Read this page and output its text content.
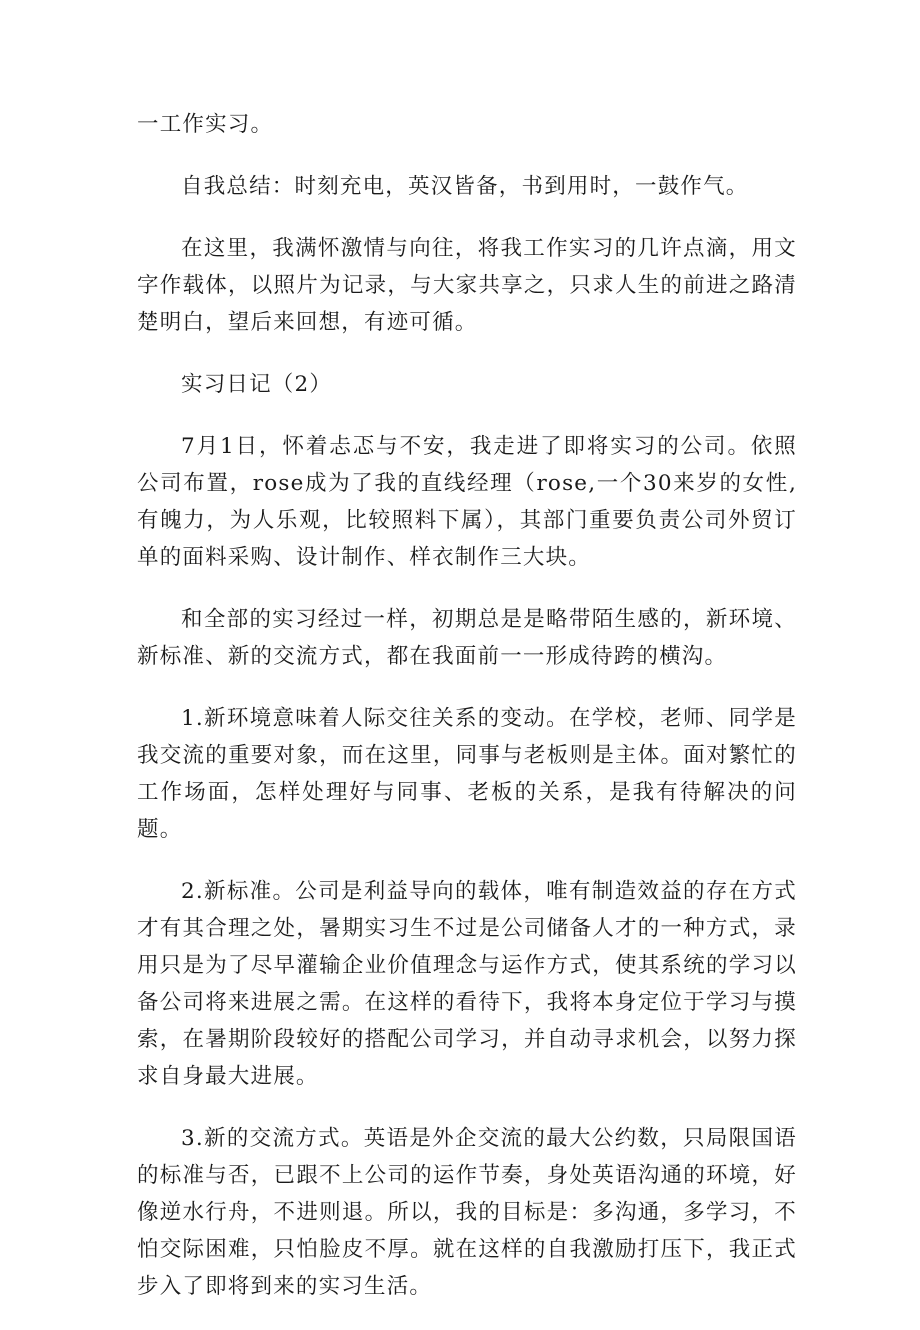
一工作实习。

自我总结：时刻充电，英汉皆备，书到用时，一鼓作气。

在这里，我满怀激情与向往，将我工作实习的几许点滴，用文字作载体，以照片为记录，与大家共享之，只求人生的前进之路清楚明白，望后来回想，有迹可循。

实习日记（2）

7月1日，怀着忐忑与不安，我走进了即将实习的公司。依照公司布置，rose成为了我的直线经理（rose,一个30来岁的女性,有魄力，为人乐观，比较照料下属），其部门重要负责公司外贸订单的面料采购、设计制作、样衣制作三大块。

和全部的实习经过一样，初期总是是略带陌生感的，新环境、新标准、新的交流方式，都在我面前一一形成待跨的横沟。

1.新环境意味着人际交往关系的变动。在学校，老师、同学是我交流的重要对象，而在这里，同事与老板则是主体。面对繁忙的工作场面，怎样处理好与同事、老板的关系，是我有待解决的问题。

2.新标准。公司是利益导向的载体，唯有制造效益的存在方式才有其合理之处，暑期实习生不过是公司储备人才的一种方式，录用只是为了尽早灌输企业价值理念与运作方式，使其系统的学习以备公司将来进展之需。在这样的看待下，我将本身定位于学习与摸索，在暑期阶段较好的搭配公司学习，并自动寻求机会，以努力探求自身最大进展。

3.新的交流方式。英语是外企交流的最大公约数，只局限国语的标准与否，已跟不上公司的运作节奏，身处英语沟通的环境，好像逆水行舟，不进则退。所以，我的目标是：多沟通，多学习，不怕交际困难，只怕脸皮不厚。就在这样的自我激励打压下，我正式步入了即将到来的实习生活。
